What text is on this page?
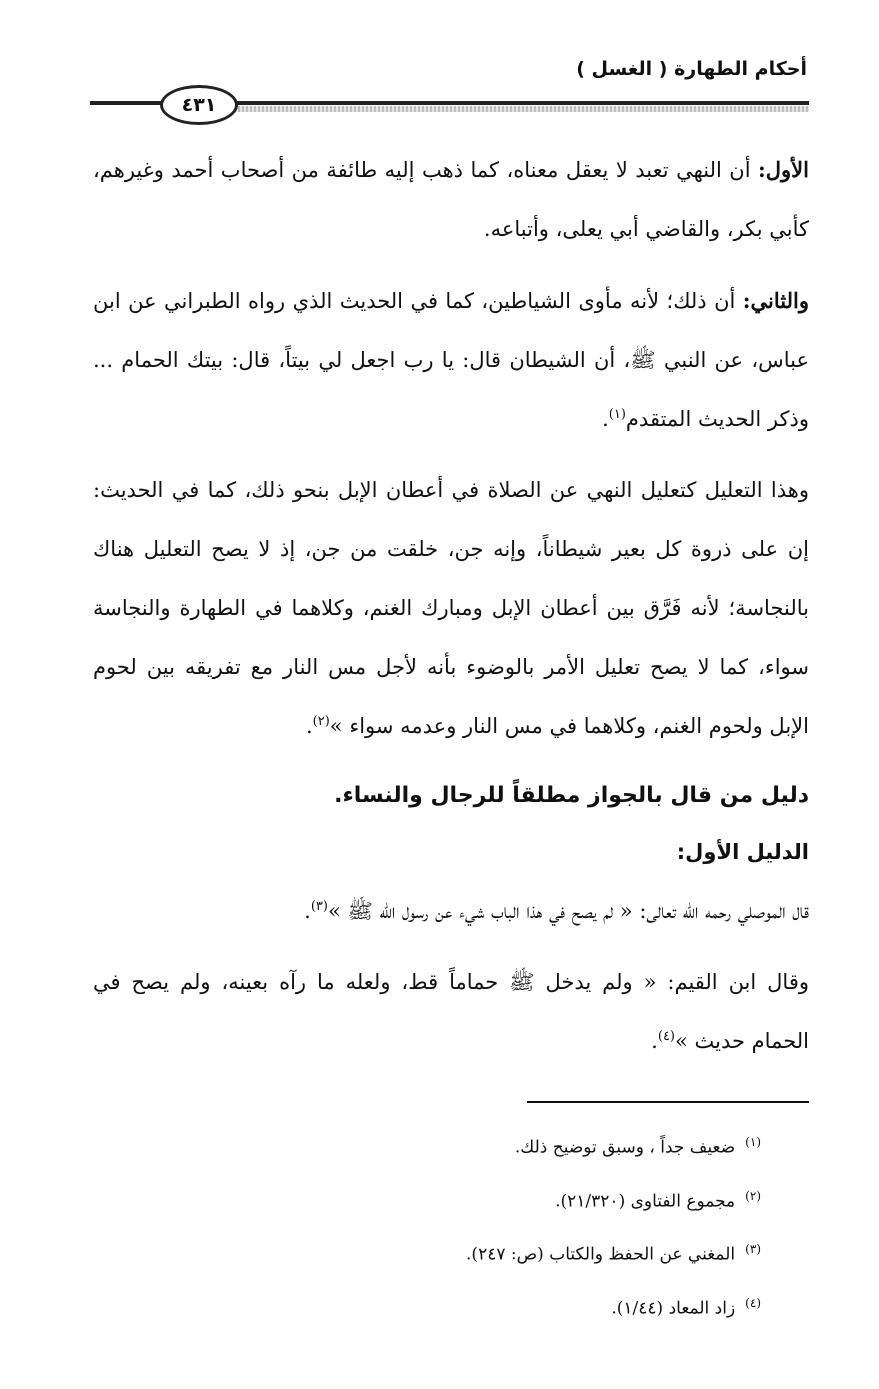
أحكام الطهارة ( الغسل )
٤٣١

الأول: أن النهي تعبد لا يعقل معناه، كما ذهب إليه طائفة من أصحاب أحمد وغيرهم، كأبي بكر، والقاضي أبي يعلى، وأتباعه.

والثاني: أن ذلك؛ لأنه مأوى الشياطين، كما في الحديث الذي رواه الطبراني عن ابن عباس، عن النبي ﷺ، أن الشيطان قال: يا رب اجعل لي بيتاً، قال: بيتك الحمام ... وذكر الحديث المتقدم$^{(١)}$.

وهذا التعليل كتعليل النهي عن الصلاة في أعطان الإبل بنحو ذلك، كما في الحديث: إن على ذروة كل بعير شيطاناً، وإنه جن، خلقت من جن، إذ لا يصح التعليل هناك بالنجاسة؛ لأنه فَرَّق بين أعطان الإبل ومبارك الغنم، وكلاهما في الطهارة والنجاسة سواء، كما لا يصح تعليل الأمر بالوضوء بأنه لأجل مس النار مع تفريقه بين لحوم الإبل ولحوم الغنم، وكلاهما في مس النار وعدمه سواء »$^{(٢)}$.

دليل من قال بالجواز مطلقاً للرجال والنساء.

الدليل الأول:

قال الموصلي رحمه الله تعالى: « لم يصح في هذا الباب شيء عن رسول الله ﷺ »$^{(٣)}$.

وقال ابن القيم: « ولم يدخل ﷺ حماماً قط، ولعله ما رآه بعينه، ولم يصح في الحمام حديث »$^{(٤)}$.

$^{(١)}$ضعيف جداً ، وسبق توضيح ذلك.

$^{(٢)}$مجموع الفتاوى (٢١/٣٢٠).

$^{(٣)}$المغني عن الحفظ والكتاب (ص: ٢٤٧).

$^{(٤)}$زاد المعاد (١/٤٤).
